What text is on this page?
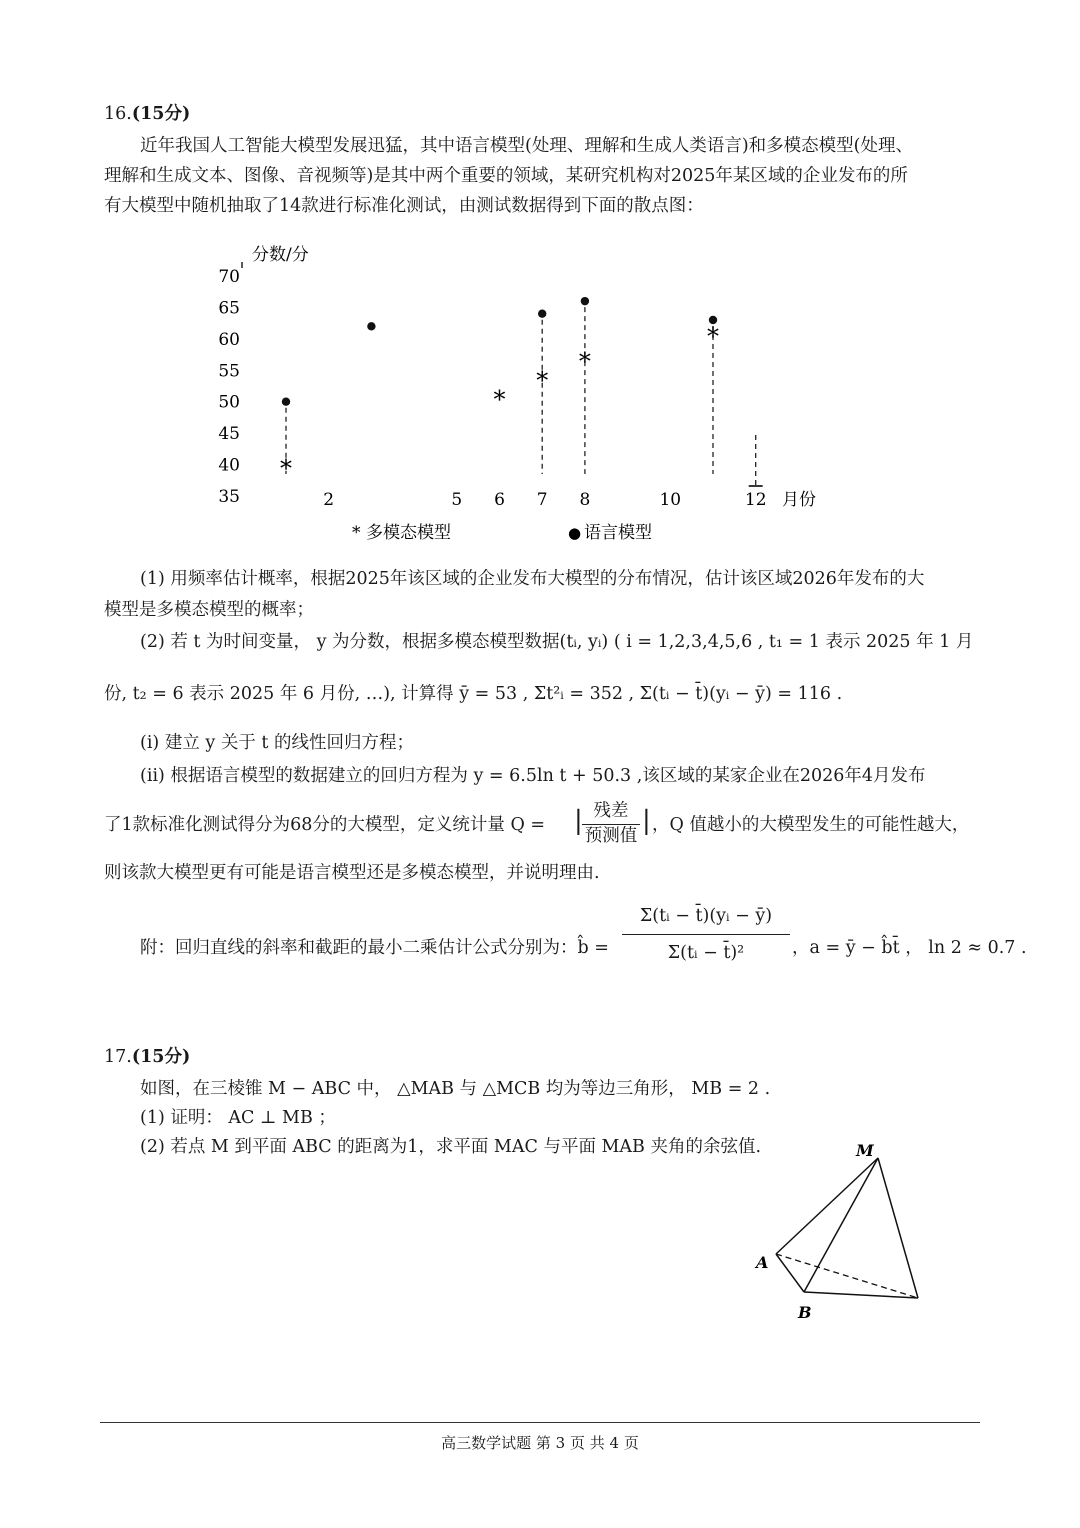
16.(15分)
近年我国人工智能大模型发展迅猛，其中语言模型(处理、理解和生成人类语言)和多模态模型(处理、
理解和生成文本、图像、音视频等)是其中两个重要的领域，某研究机构对2025年某区域的企业发布的所
有大模型中随机抽取了14款进行标准化测试，由测试数据得到下面的散点图：
分数/分
35
40
45
50
55
60
65
70
2	5 6 7 8	10	12 月份
*
*
*
*
*
* 多模态模型	● 语言模型
(1) 用频率估计概率，根据2025年该区域的企业发布大模型的分布情况，估计该区域2026年发布的大
模型是多模态模型的概率；
(2) 若 t 为时间变量， y 为分数，根据多模态模型数据(tᵢ, yᵢ) ( i = 1,2,3,4,5,6 , t₁ = 1 表示 2025 年 1 月
份, t₂ = 6 表示 2025 年 6 月份, …), 计算得 ȳ = 53 , Σt²ᵢ = 352 , Σ(tᵢ − t̄)(yᵢ − ȳ) = 116 .
(ⅰ) 建立 y 关于 t 的线性回归方程；
(ⅱ) 根据语言模型的数据建立的回归方程为 y = 6.5ln t + 50.3 ,该区域的某家企业在2026年4月发布
了1款标准化测试得分为68分的大模型，定义统计量 Q = | 残差
预测值 | ，Q 值越小的大模型发生的可能性越大，
则该款大模型更有可能是语言模型还是多模态模型，并说明理由.
附：回归直线的斜率和截距的最小二乘估计公式分别为：b̂ = $\frac{\text{Σ(tᵢ − t̄)(yᵢ − ȳ)}}{\text{Σ(tᵢ − t̄)²}}$ ，a = ȳ − b̂t̄ ， ln 2 ≈ 0.7 .
17.(15分)
如图，在三棱锥 M − ABC 中， △MAB 与 △MCB 均为等边三角形， MB = 2 .
(1) 证明： AC ⊥ MB ；
(2) 若点 M 到平面 ABC 的距离为1，求平面 MAC 与平面 MAB 夹角的余弦值.	M
A
B
高三数学试题 第 3 页 共 4 页
